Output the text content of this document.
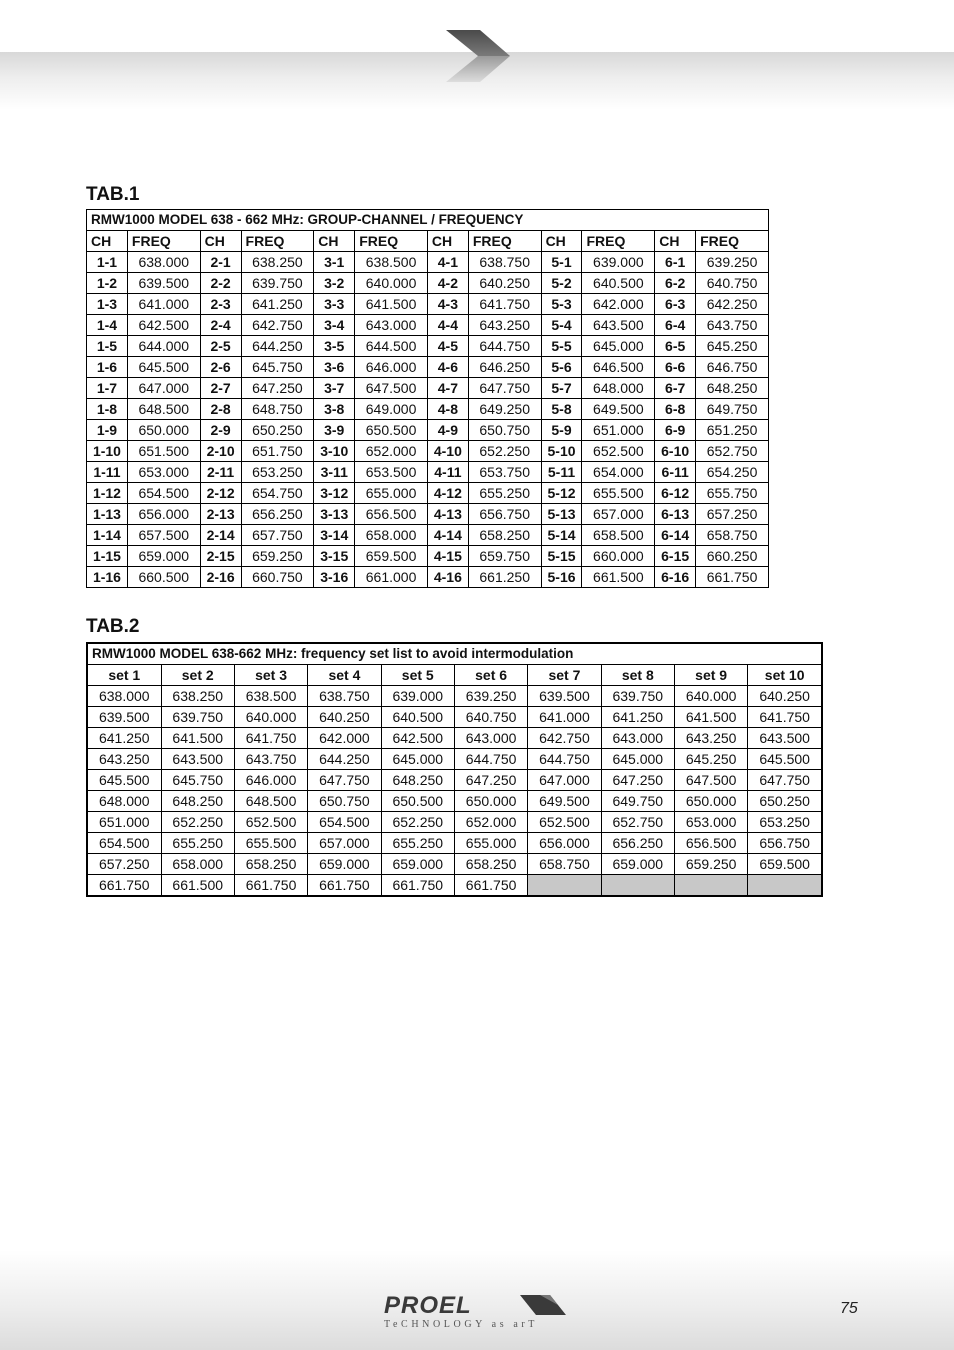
TAB.1
RMW1000 MODEL 638 - 662 MHz: GROUP-CHANNEL / FREQUENCY											
CH	FREQ	CH	FREQ	CH	FREQ	CH	FREQ	CH	FREQ	CH	FREQ
1-1	638.000	2-1	638.250	3-1	638.500	4-1	638.750	5-1	639.000	6-1	639.250
1-2	639.500	2-2	639.750	3-2	640.000	4-2	640.250	5-2	640.500	6-2	640.750
1-3	641.000	2-3	641.250	3-3	641.500	4-3	641.750	5-3	642.000	6-3	642.250
1-4	642.500	2-4	642.750	3-4	643.000	4-4	643.250	5-4	643.500	6-4	643.750
1-5	644.000	2-5	644.250	3-5	644.500	4-5	644.750	5-5	645.000	6-5	645.250
1-6	645.500	2-6	645.750	3-6	646.000	4-6	646.250	5-6	646.500	6-6	646.750
1-7	647.000	2-7	647.250	3-7	647.500	4-7	647.750	5-7	648.000	6-7	648.250
1-8	648.500	2-8	648.750	3-8	649.000	4-8	649.250	5-8	649.500	6-8	649.750
1-9	650.000	2-9	650.250	3-9	650.500	4-9	650.750	5-9	651.000	6-9	651.250
1-10	651.500	2-10	651.750	3-10	652.000	4-10	652.250	5-10	652.500	6-10	652.750
1-11	653.000	2-11	653.250	3-11	653.500	4-11	653.750	5-11	654.000	6-11	654.250
1-12	654.500	2-12	654.750	3-12	655.000	4-12	655.250	5-12	655.500	6-12	655.750
1-13	656.000	2-13	656.250	3-13	656.500	4-13	656.750	5-13	657.000	6-13	657.250
1-14	657.500	2-14	657.750	3-14	658.000	4-14	658.250	5-14	658.500	6-14	658.750
1-15	659.000	2-15	659.250	3-15	659.500	4-15	659.750	5-15	660.000	6-15	660.250
1-16	660.500	2-16	660.750	3-16	661.000	4-16	661.250	5-16	661.500	6-16	661.750
TAB.2
RMW1000 MODEL 638-662 MHz: frequency set list to avoid intermodulation									
set 1	set 2	set 3	set 4	set 5	set 6	set 7	set 8	set 9	set 10
638.000	638.250	638.500	638.750	639.000	639.250	639.500	639.750	640.000	640.250
639.500	639.750	640.000	640.250	640.500	640.750	641.000	641.250	641.500	641.750
641.250	641.500	641.750	642.000	642.500	643.000	642.750	643.000	643.250	643.500
643.250	643.500	643.750	644.250	645.000	644.750	644.750	645.000	645.250	645.500
645.500	645.750	646.000	647.750	648.250	647.250	647.000	647.250	647.500	647.750
648.000	648.250	648.500	650.750	650.500	650.000	649.500	649.750	650.000	650.250
651.000	652.250	652.500	654.500	652.250	652.000	652.500	652.750	653.000	653.250
654.500	655.250	655.500	657.000	655.250	655.000	656.000	656.250	656.500	656.750
657.250	658.000	658.250	659.000	659.000	658.250	658.750	659.000	659.250	659.500
661.750	661.500	661.750	661.750	661.750	661.750				
PROEL
TeCHNOLOGY as arT
75
